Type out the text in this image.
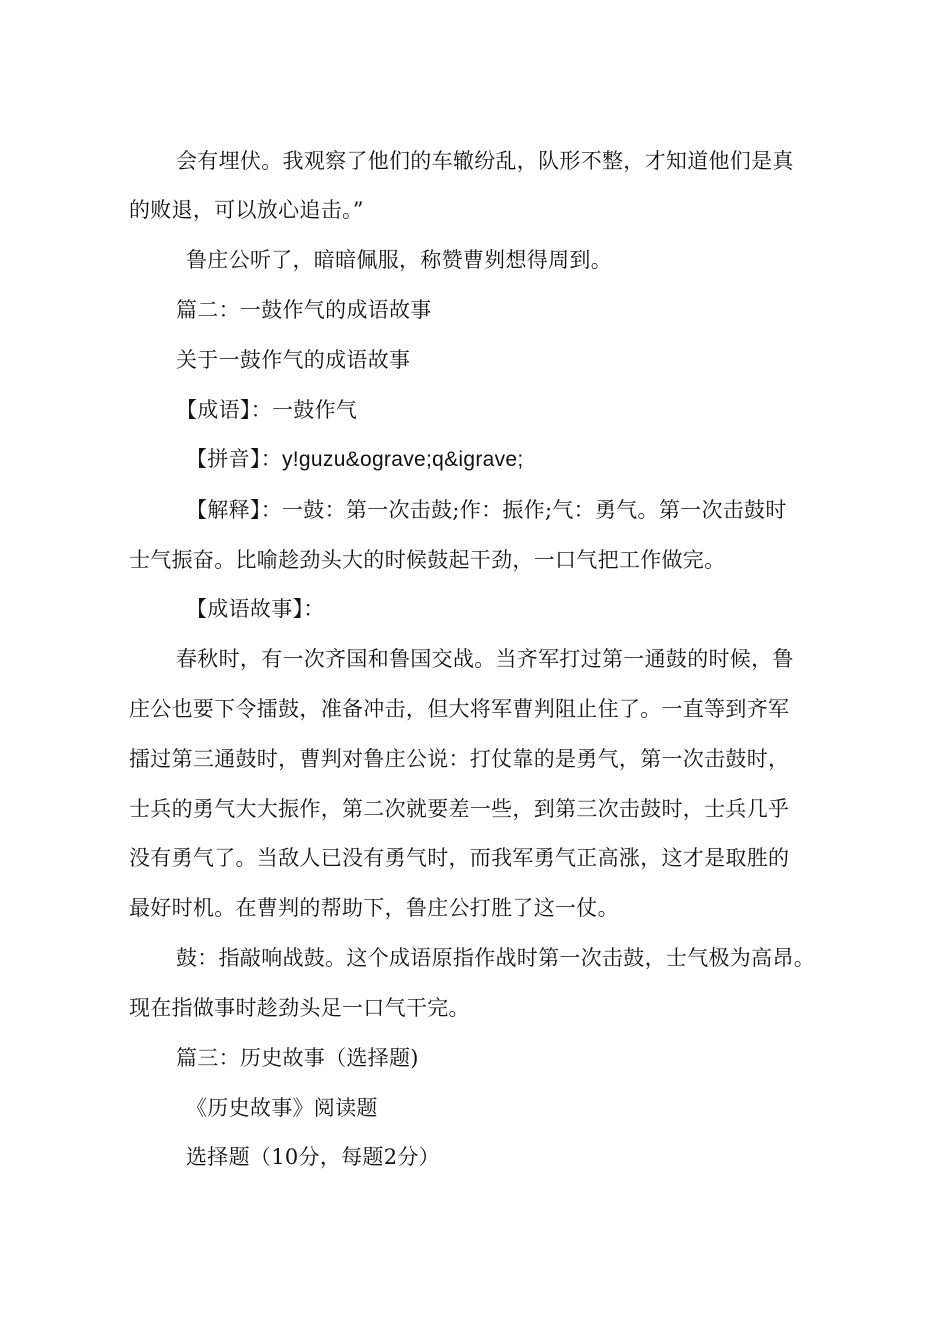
会有埋伏。我观察了他们的车辙纷乱，队形不整，才知道他们是真

的败退，可以放心追击。”

鲁庄公听了，暗暗佩服，称赞曹刿想得周到。

篇二：一鼓作气的成语故事

关于一鼓作气的成语故事

【成语】：一鼓作气

【拼音】：y!guzu&ograve;q&igrave;

【解释】：一鼓：第一次击鼓;作：振作;气：勇气。第一次击鼓时

士气振奋。比喻趁劲头大的时候鼓起干劲，一口气把工作做完。

【成语故事】：

春秋时，有一次齐国和鲁国交战。当齐军打过第一通鼓的时候，鲁

庄公也要下令擂鼓，准备冲击，但大将军曹判阻止住了。一直等到齐军

擂过第三通鼓时，曹判对鲁庄公说：打仗靠的是勇气，第一次击鼓时，

士兵的勇气大大振作，第二次就要差一些，到第三次击鼓时，士兵几乎

没有勇气了。当敌人已没有勇气时，而我军勇气正高涨，这才是取胜的

最好时机。在曹判的帮助下，鲁庄公打胜了这一仗。

鼓：指敲响战鼓。这个成语原指作战时第一次击鼓，士气极为高昂。

现在指做事时趁劲头足一口气干完。

篇三：历史故事（选择题)

《历史故事》阅读题

选择题（10分，每题2分）
